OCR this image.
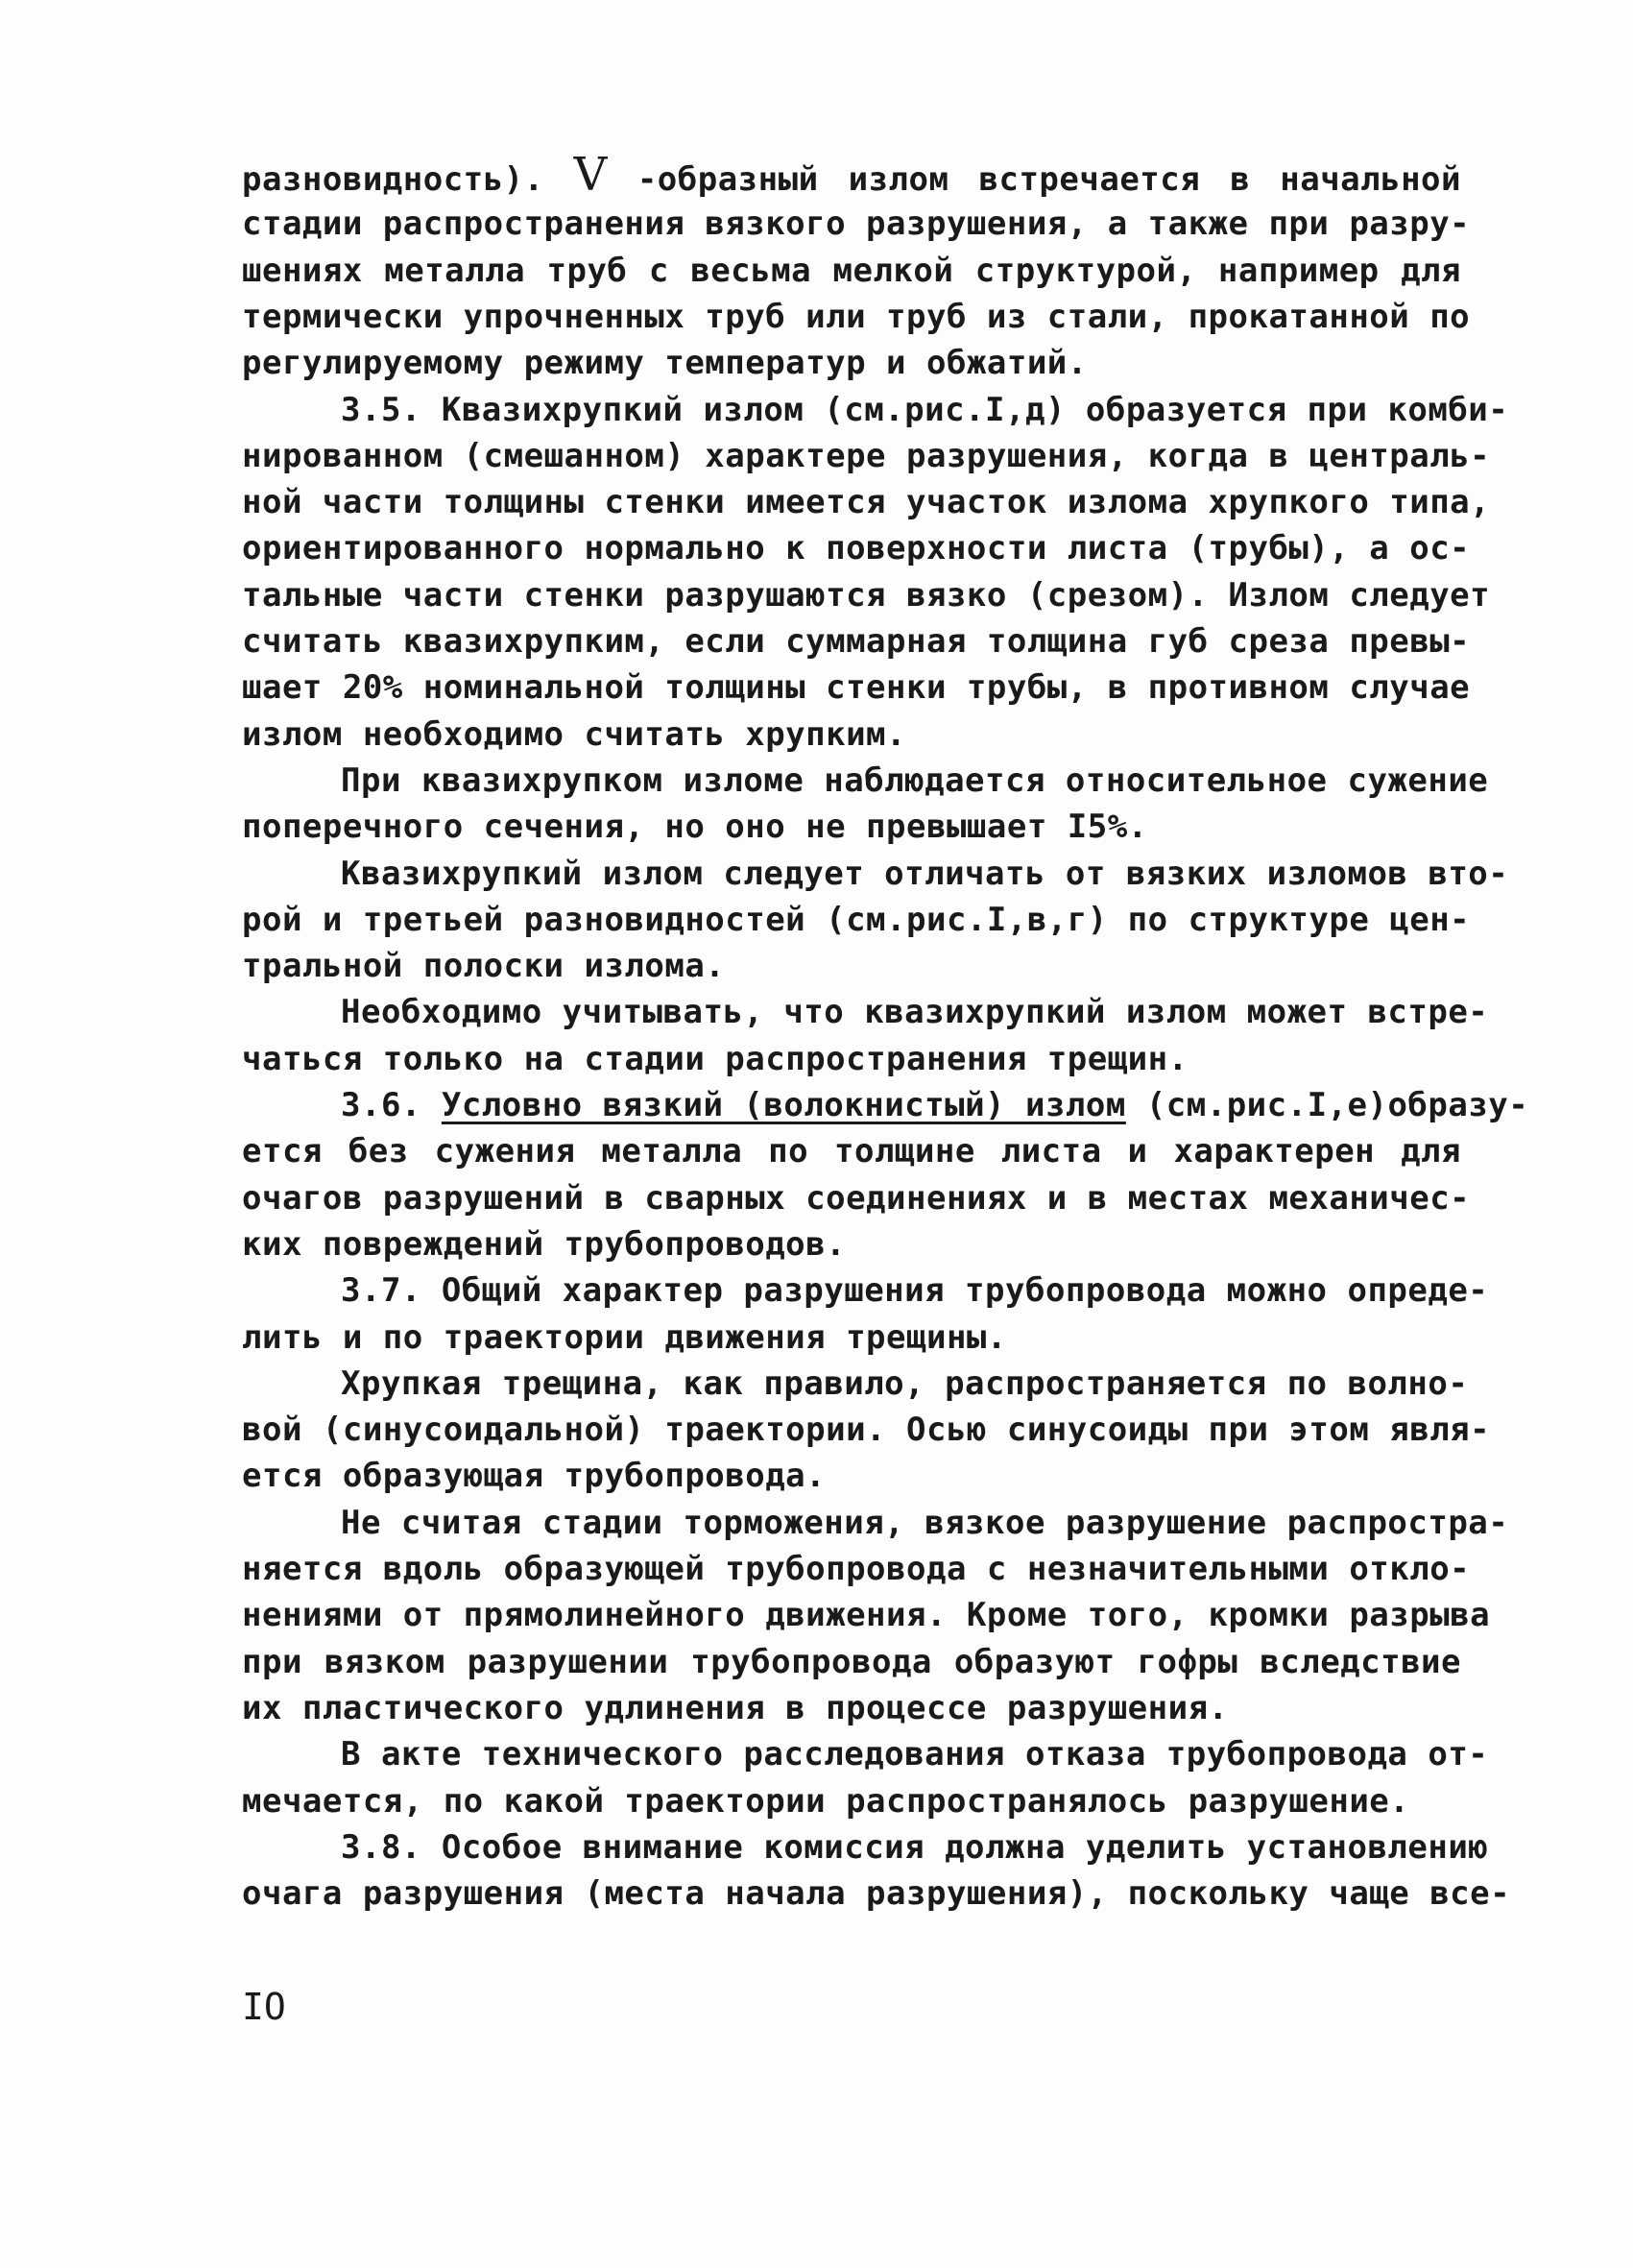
разновидность). V -образный излом встречается в начальной
стадии распространения вязкого разрушения, а также при разру-
шениях металла труб с весьма мелкой структурой, например для
термически упрочненных труб или труб из стали, прокатанной по
регулируемому режиму температур и обжатий.
3.5. Квазихрупкий излом (см.рис.I,д) образуется при комби-
нированном (смешанном) характере разрушения, когда в централь-
ной части толщины стенки имеется участок излома хрупкого типа,
ориентированного нормально к поверхности листа (трубы), а ос-
тальные части стенки разрушаются вязко (срезом). Излом следует
считать квазихрупким, если суммарная толщина губ среза превы-
шает 20% номинальной толщины стенки трубы, в противном случае
излом необходимо считать хрупким.
При квазихрупком изломе наблюдается относительное сужение
поперечного сечения, но оно не превышает I5%.
Квазихрупкий излом следует отличать от вязких изломов вто-
рой и третьей разновидностей (см.рис.I,в,г) по структуре цен-
тральной полоски излома.
Необходимо учитывать, что квазихрупкий излом может встре-
чаться только на стадии распространения трещин.
3.6. Условно вязкий (волокнистый) излом (см.рис.I,е)образу-
ется без сужения металла по толщине листа и характерен для
очагов разрушений в сварных соединениях и в местах механичес-
ких повреждений трубопроводов.
3.7. Общий характер разрушения трубопровода можно опреде-
лить и по траектории движения трещины.
Хрупкая трещина, как правило, распространяется по волно-
вой (синусоидальной) траектории. Осью синусоиды при этом явля-
ется образующая трубопровода.
Не считая стадии торможения, вязкое разрушение распростра-
няется вдоль образующей трубопровода с незначительными откло-
нениями от прямолинейного движения. Кроме того, кромки разрыва
при вязком разрушении трубопровода образуют гофры вследствие
их пластического удлинения в процессе разрушения.
В акте технического расследования отказа трубопровода от-
мечается, по какой траектории распространялось разрушение.
3.8. Особое внимание комиссия должна уделить установлению
очага разрушения (места начала разрушения), поскольку чаще все-
IO
